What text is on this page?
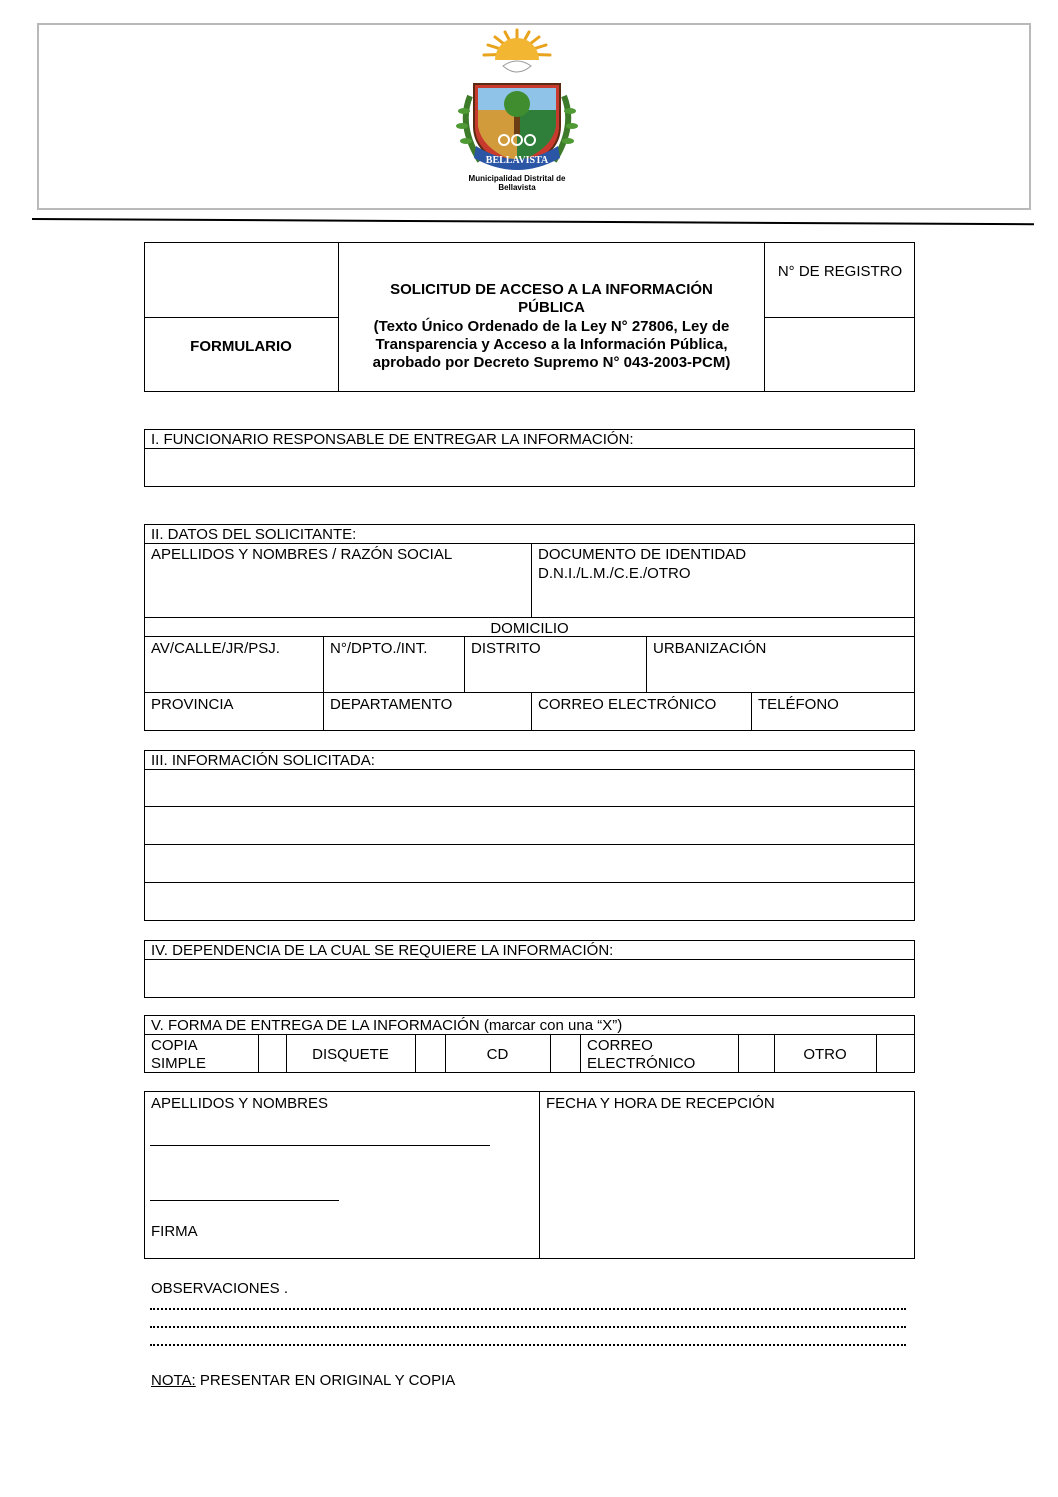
BELLAVISTA
Municipalidad Distrital de
Bellavista
FORMULARIO
SOLICITUD DE ACCESO A LA INFORMACIÓN
PÚBLICA
(Texto Único Ordenado de la Ley N° 27806, Ley de
Transparencia y Acceso a la Información Pública,
aprobado por Decreto Supremo N° 043-2003-PCM)
N° DE REGISTRO
I. FUNCIONARIO RESPONSABLE DE ENTREGAR LA INFORMACIÓN:
II. DATOS DEL SOLICITANTE:
APELLIDOS Y NOMBRES / RAZÓN SOCIAL	DOCUMENTO DE IDENTIDAD
D.N.I./L.M./C.E./OTRO
DOMICILIO
AV/CALLE/JR/PSJ.	N°/DPTO./INT.	DISTRITO	URBANIZACIÓN
PROVINCIA	DEPARTAMENTO	CORREO ELECTRÓNICO	TELÉFONO
III. INFORMACIÓN SOLICITADA:
IV. DEPENDENCIA DE LA CUAL SE REQUIERE LA INFORMACIÓN:
V. FORMA DE ENTREGA DE LA INFORMACIÓN (marcar con una “X”)
COPIA
SIMPLE
DISQUETE	CD
CORREO
ELECTRÓNICO
OTRO
APELLIDOS Y NOMBRES
FIRMA
FECHA Y HORA DE RECEPCIÓN
OBSERVACIONES .
NOTA: PRESENTAR EN ORIGINAL Y COPIA
